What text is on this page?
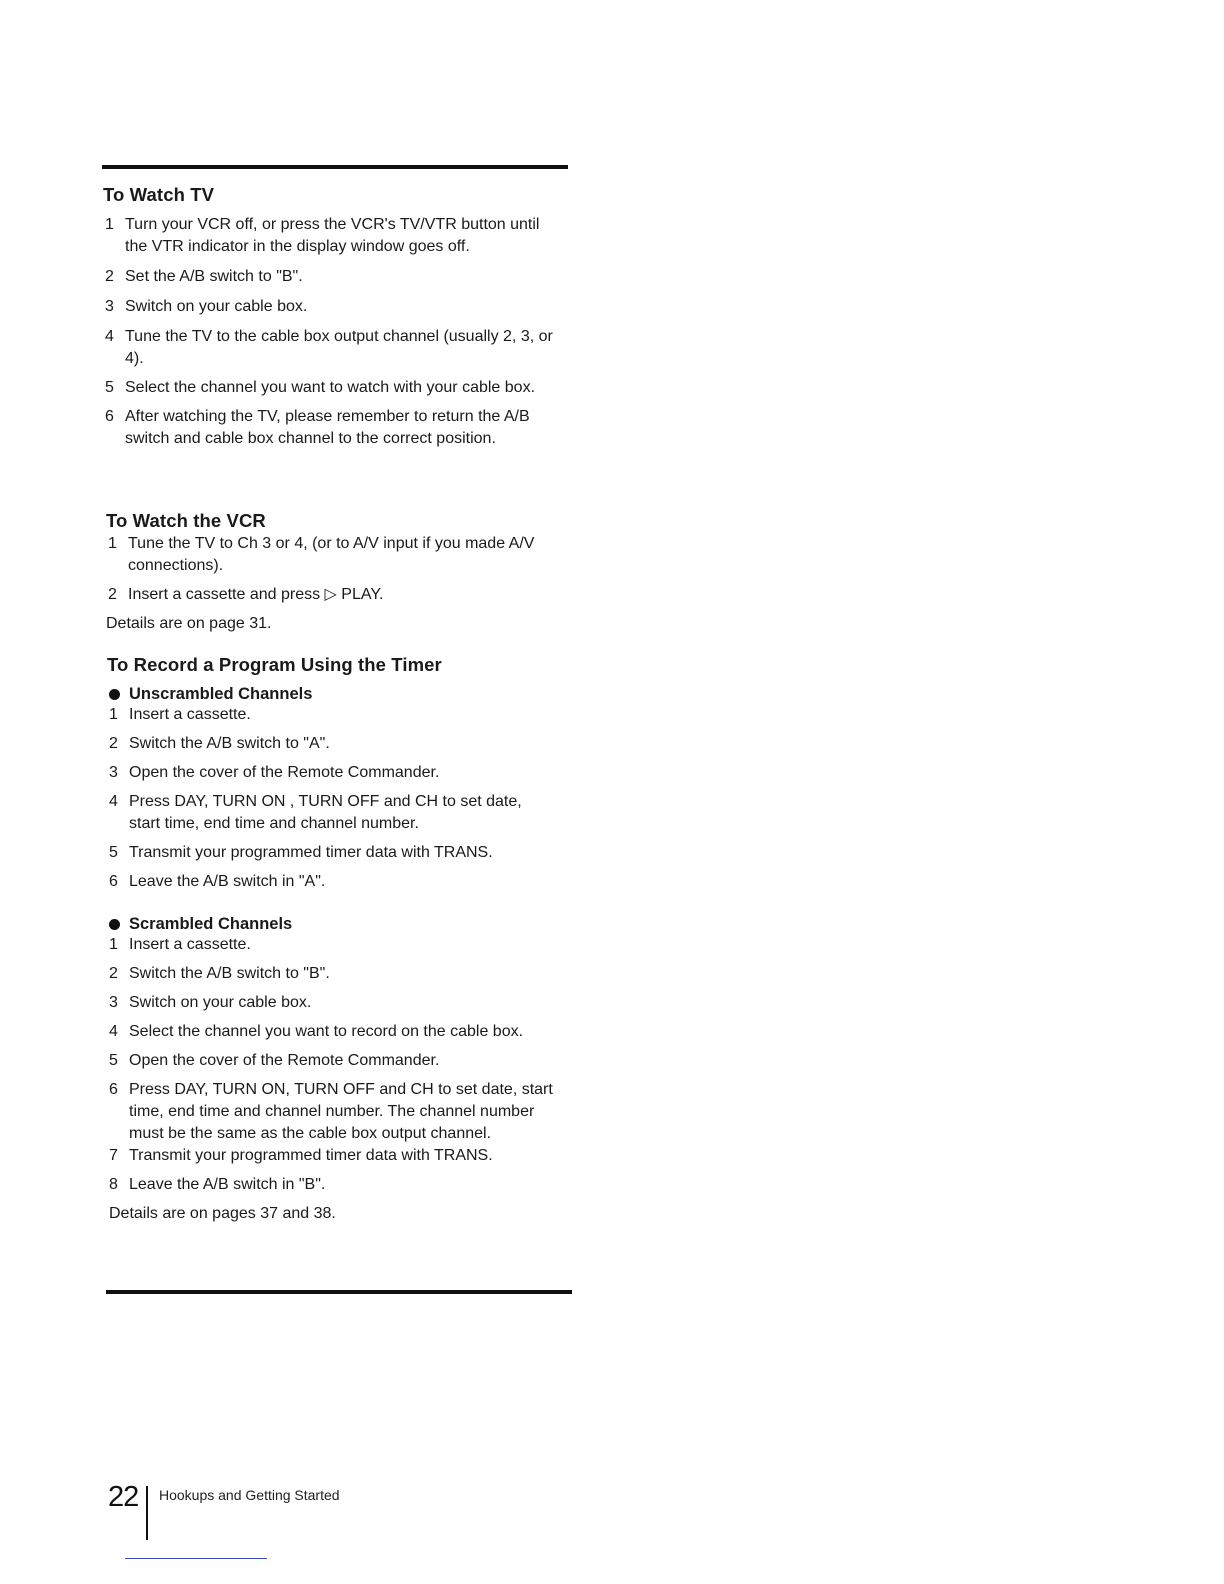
To Watch TV
1 Turn your VCR off, or press the VCR's TV/VTR button until the VTR indicator in the display window goes off.
2 Set the A/B switch to "B".
3 Switch on your cable box.
4 Tune the TV to the cable box output channel (usually 2, 3, or 4).
5 Select the channel you want to watch with your cable box.
6 After watching the TV, please remember to return the A/B switch and cable box channel to the correct position.
To Watch the VCR
1 Tune the TV to Ch 3 or 4, (or to A/V input if you made A/V connections).
2 Insert a cassette and press ▷ PLAY.

Details are on page 31.

To Record a Program Using the Timer
Unscrambled Channels
1 Insert a cassette.
2 Switch the A/B switch to "A".
3 Open the cover of the Remote Commander.
4 Press DAY, TURN ON , TURN OFF and CH to set date, start time, end time and channel number.
5 Transmit your programmed timer data with TRANS.
6 Leave the A/B switch in "A".
Scrambled Channels
1 Insert a cassette.
2 Switch the A/B switch to "B".
3 Switch on your cable box.
4 Select the channel you want to record on the cable box.
5 Open the cover of the Remote Commander.
6 Press DAY, TURN ON, TURN OFF and CH to set date, start time, end time and channel number. The channel number must be the same as the cable box output channel.
7 Transmit your programmed timer data with TRANS.
8 Leave the A/B switch in "B".

Details are on pages 37 and 38.

22 Hookups and Getting Started
